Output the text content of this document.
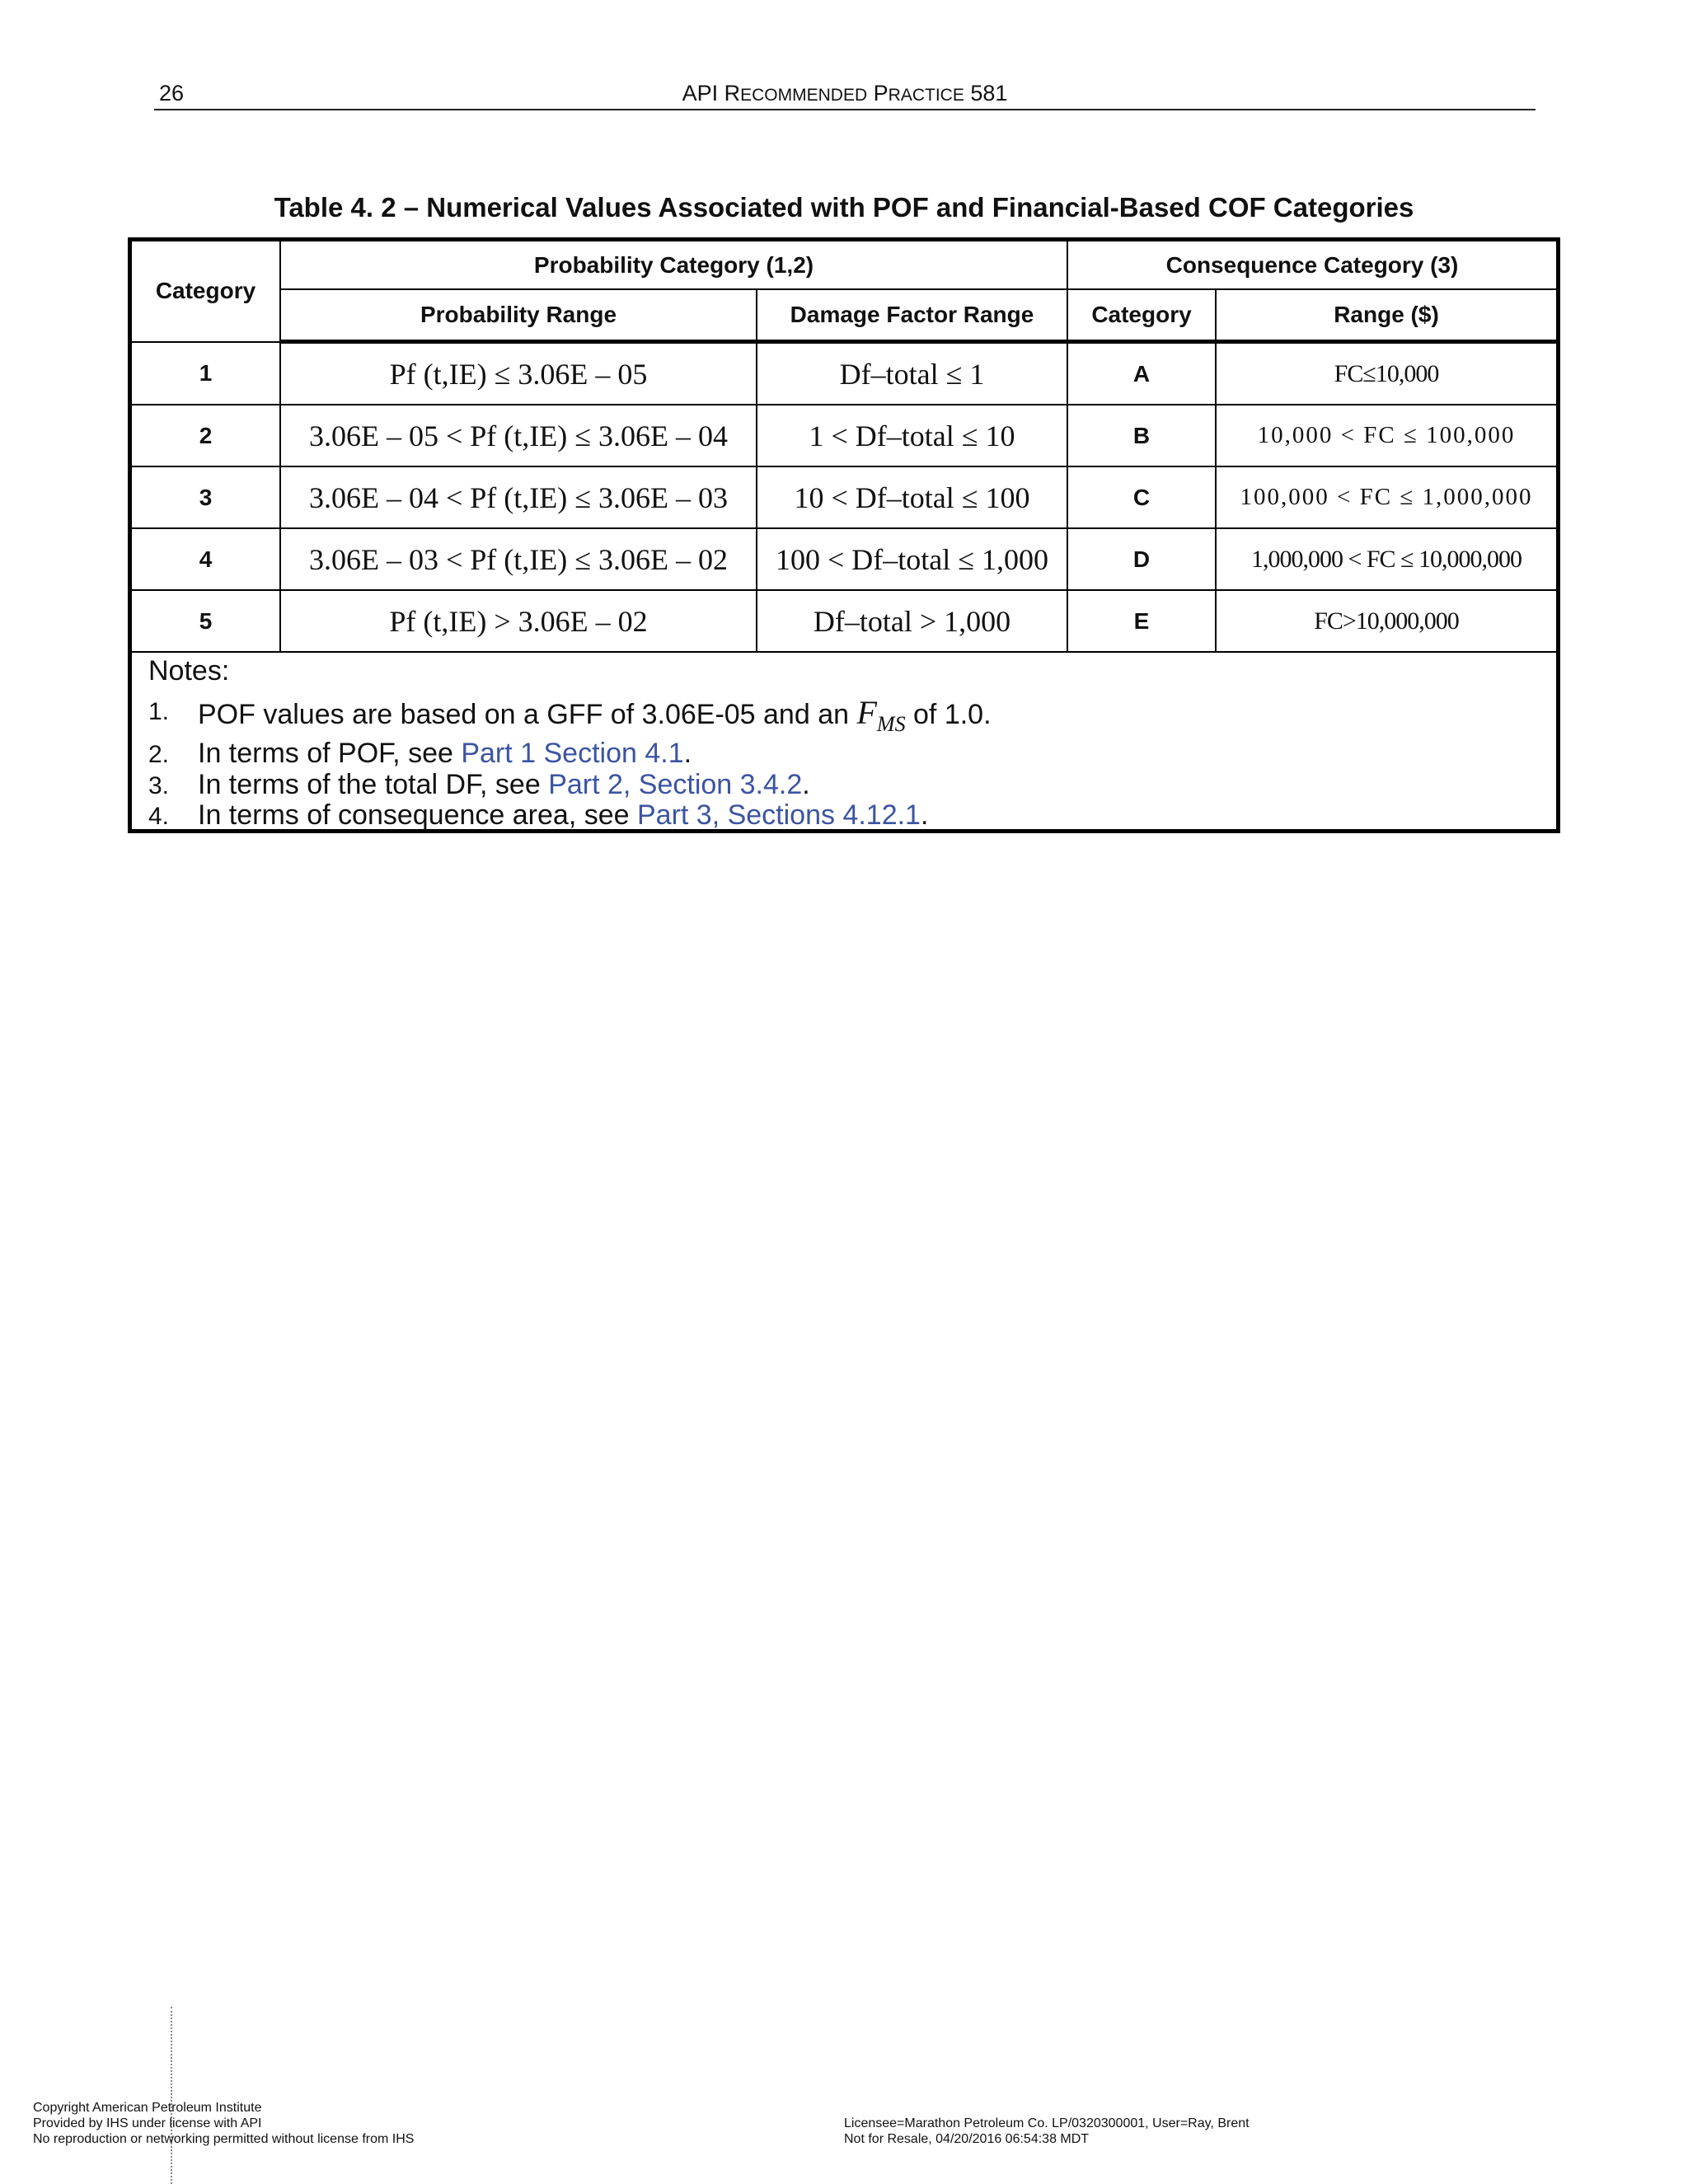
26	API RECOMMENDED PRACTICE 581
Table 4. 2 – Numerical Values Associated with POF and Financial-Based COF Categories
Category	Probability Category (1,2)		Consequence Category (3)	
	Probability Range	Damage Factor Range	Category	Range ($)
1	Pf (t,IE) ≤ 3.06E – 05	Df–total ≤ 1	A	FC≤10,000
2	3.06E – 05 < Pf (t,IE) ≤ 3.06E – 04	1 < Df–total ≤ 10	B	10,000 < FC ≤ 100,000
3	3.06E – 04 < Pf (t,IE) ≤ 3.06E – 03	10 < Df–total ≤ 100	C	100,000 < FC ≤ 1,000,000
4	3.06E – 03 < Pf (t,IE) ≤ 3.06E – 02	100 < Df–total ≤ 1,000	D	1,000,000 < FC ≤ 10,000,000
5	Pf (t,IE) > 3.06E – 02	Df–total > 1,000	E	FC>10,000,000
Notes:
1. POF values are based on a GFF of 3.06E-05 and an $F_{MS}$ of 1.0.
2. In terms of POF, see Part 1 Section 4.1.
3. In terms of the total DF, see Part 2, Section 3.4.2.
4. In terms of consequence area, see Part 3, Sections 4.12.1.
Copyright American Petroleum Institute
Provided by IHS under license with API
No reproduction or networking permitted without license from IHS
Licensee=Marathon Petroleum Co. LP/0320300001, User=Ray, Brent
Not for Resale, 04/20/2016 06:54:38 MDT
